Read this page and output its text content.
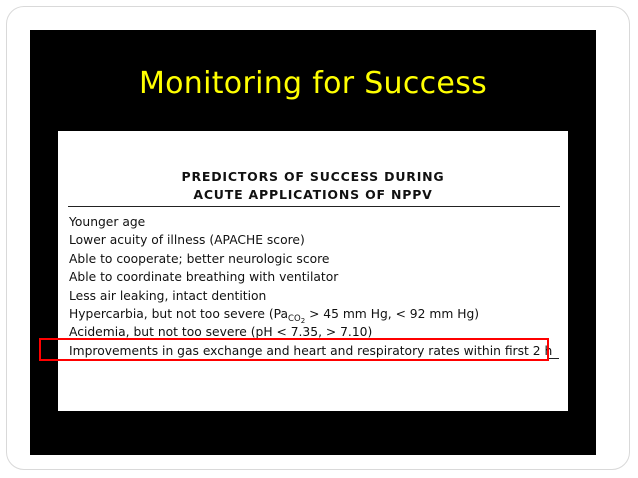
Monitoring for Success
PREDICTORS OF SUCCESS DURING
ACUTE APPLICATIONS OF NPPV
Younger age
Lower acuity of illness (APACHE score)
Able to cooperate; better neurologic score
Able to coordinate breathing with ventilator
Less air leaking, intact dentition
Hypercarbia, but not too severe ($Pa_{CO_2} > 45$ mm Hg, < 92 mm Hg)
Acidemia, but not too severe (pH < 7.35, > 7.10)
Improvements in gas exchange and heart and respiratory rates within first 2 h
